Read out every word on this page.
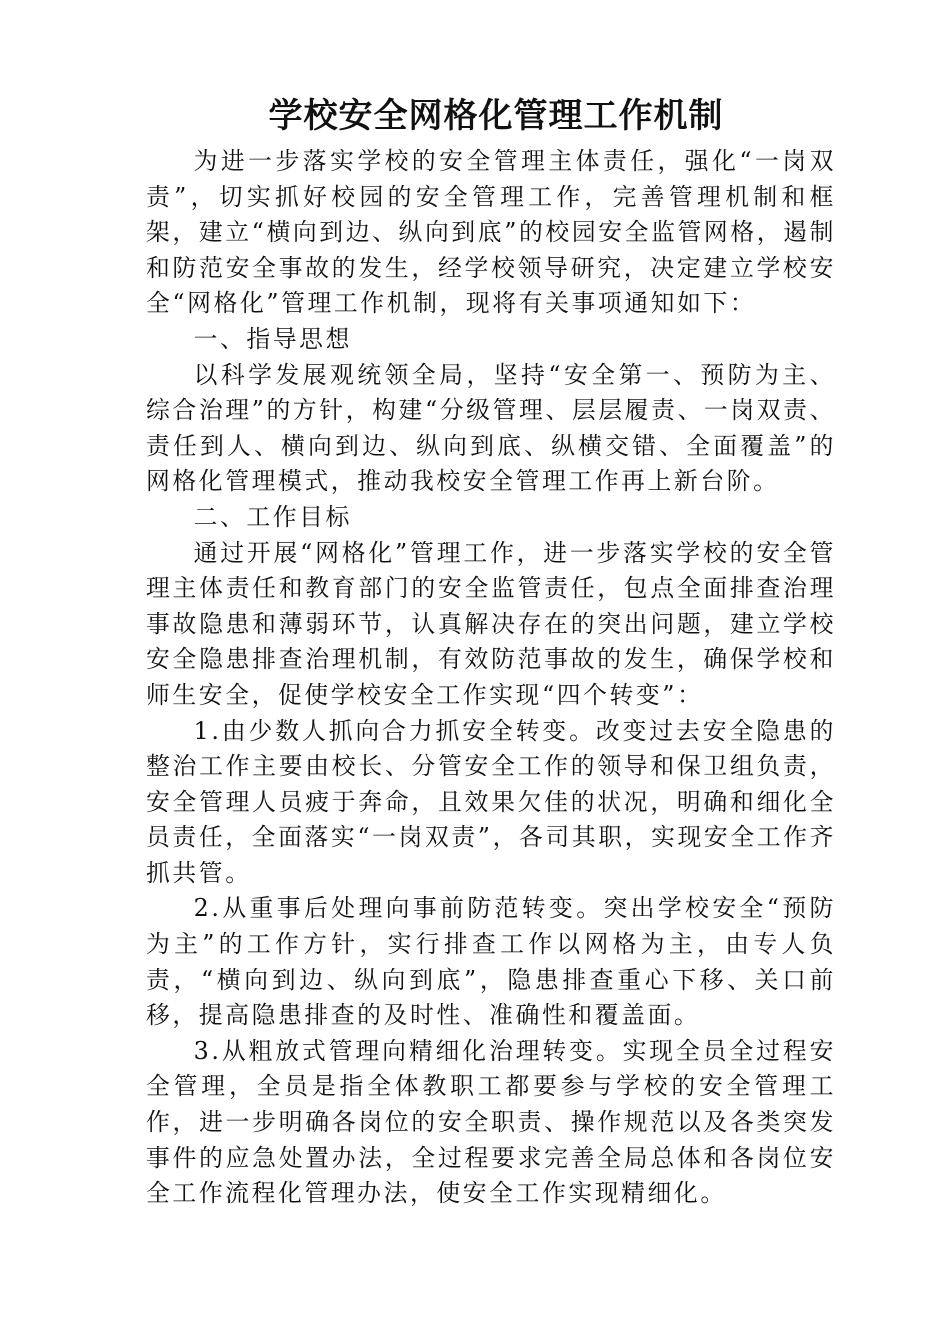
学校安全网格化管理工作机制

为进一步落实学校的安全管理主体责任，强化“一岗双责”，切实抓好校园的安全管理工作，完善管理机制和框架，建立“横向到边、纵向到底”的校园安全监管网格，遏制和防范安全事故的发生，经学校领导研究，决定建立学校安全“网格化”管理工作机制，现将有关事项通知如下：

一、指导思想

以科学发展观统领全局，坚持“安全第一、预防为主、综合治理”的方针，构建“分级管理、层层履责、一岗双责、责任到人、横向到边、纵向到底、纵横交错、全面覆盖”的网格化管理模式，推动我校安全管理工作再上新台阶。

二、工作目标

通过开展“网格化”管理工作，进一步落实学校的安全管理主体责任和教育部门的安全监管责任，包点全面排查治理事故隐患和薄弱环节，认真解决存在的突出问题，建立学校安全隐患排查治理机制，有效防范事故的发生，确保学校和师生安全，促使学校安全工作实现“四个转变”：

1.由少数人抓向合力抓安全转变。改变过去安全隐患的整治工作主要由校长、分管安全工作的领导和保卫组负责，安全管理人员疲于奔命，且效果欠佳的状况，明确和细化全员责任，全面落实“一岗双责”，各司其职，实现安全工作齐抓共管。

2.从重事后处理向事前防范转变。突出学校安全“预防为主”的工作方针，实行排查工作以网格为主，由专人负责，“横向到边、纵向到底”，隐患排查重心下移、关口前移，提高隐患排查的及时性、准确性和覆盖面。

3.从粗放式管理向精细化治理转变。实现全员全过程安全管理，全员是指全体教职工都要参与学校的安全管理工作，进一步明确各岗位的安全职责、操作规范以及各类突发事件的应急处置办法，全过程要求完善全局总体和各岗位安全工作流程化管理办法，使安全工作实现精细化。
